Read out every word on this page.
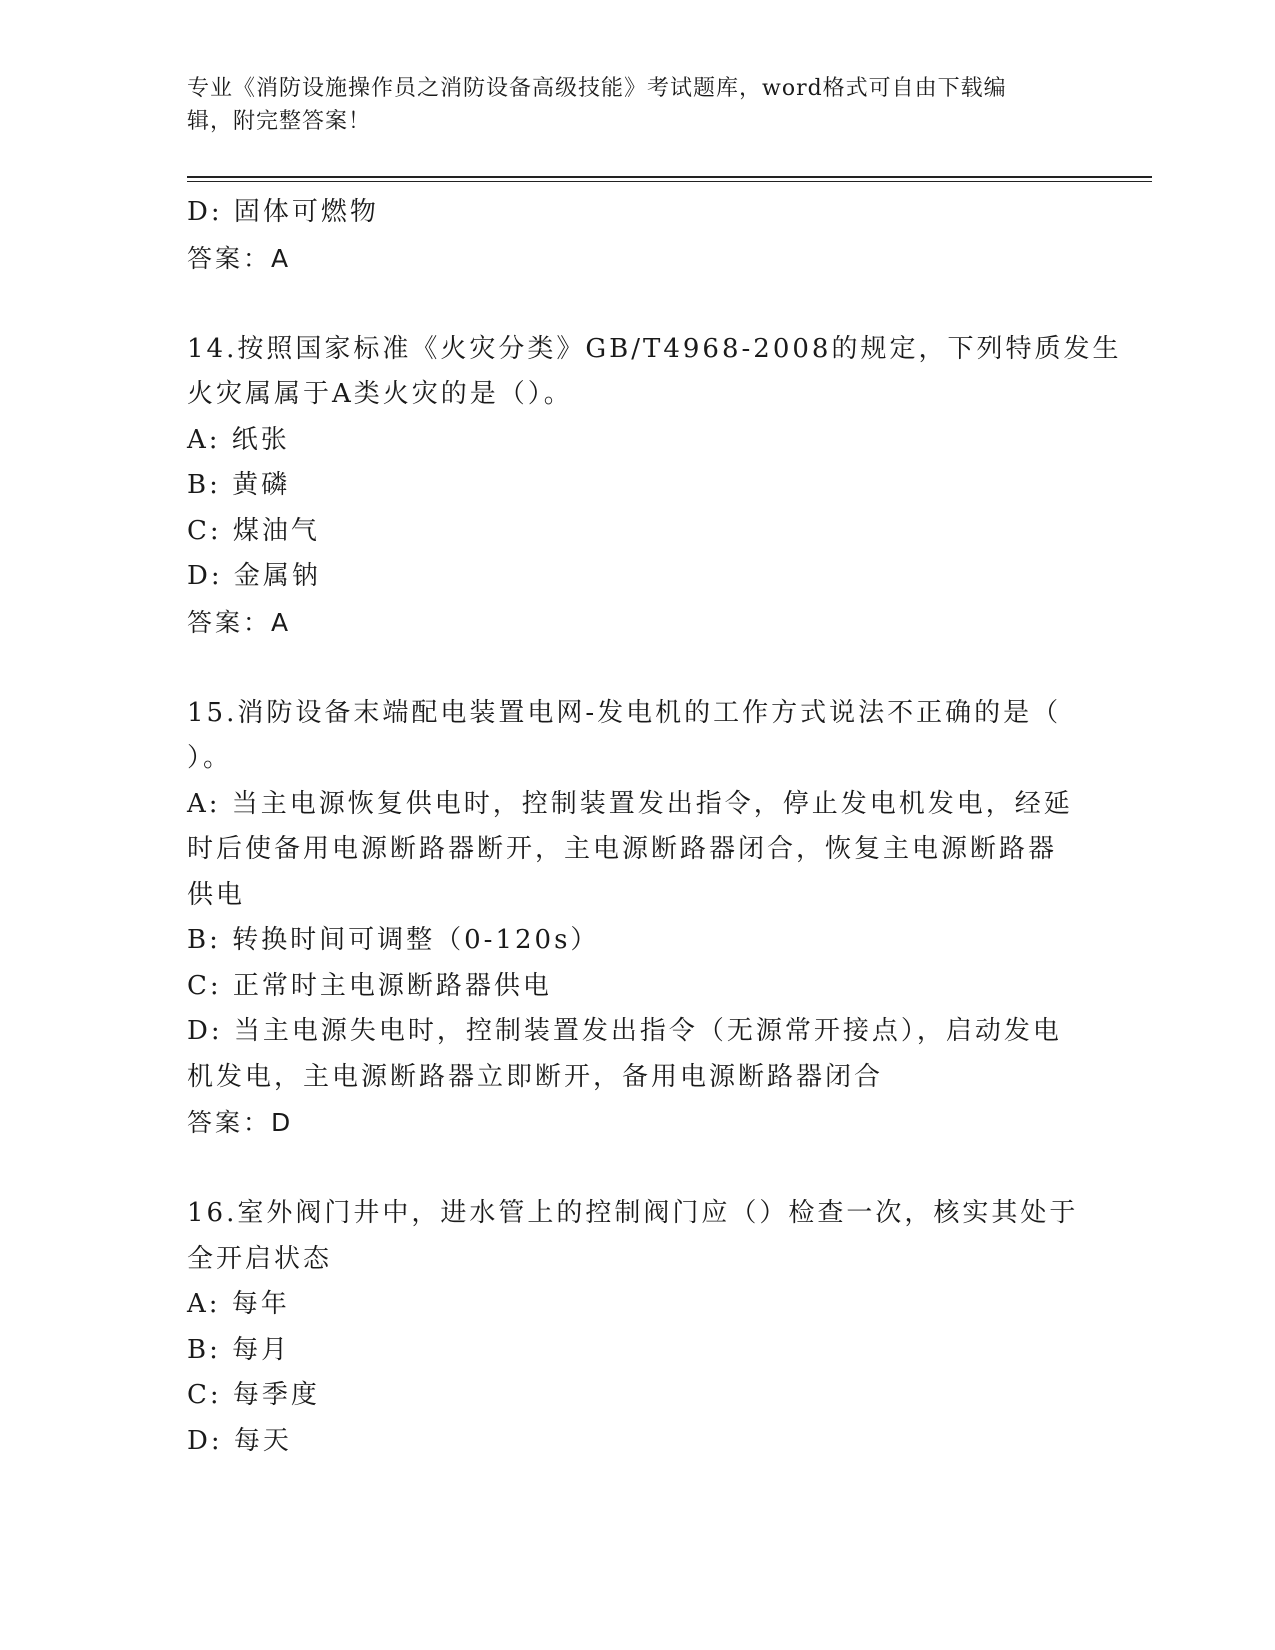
专业《消防设施操作员之消防设备高级技能》考试题库，word格式可自由下载编
辑，附完整答案！

D: 固体可燃物

答案：A

14.按照国家标准《火灾分类》GB/T4968-2008的规定，下列特质发生

火灾属属于A类火灾的是（）。

A: 纸张

B: 黄磷

C: 煤油气

D: 金属钠

答案：A

15.消防设备末端配电装置电网-发电机的工作方式说法不正确的是（

）。

A: 当主电源恢复供电时，控制装置发出指令，停止发电机发电，经延

时后使备用电源断路器断开，主电源断路器闭合，恢复主电源断路器

供电

B: 转换时间可调整（0-120s）

C: 正常时主电源断路器供电

D: 当主电源失电时，控制装置发出指令（无源常开接点），启动发电

机发电，主电源断路器立即断开，备用电源断路器闭合

答案：D

16.室外阀门井中，进水管上的控制阀门应（）检查一次，核实其处于

全开启状态

A: 每年

B: 每月

C: 每季度

D: 每天
